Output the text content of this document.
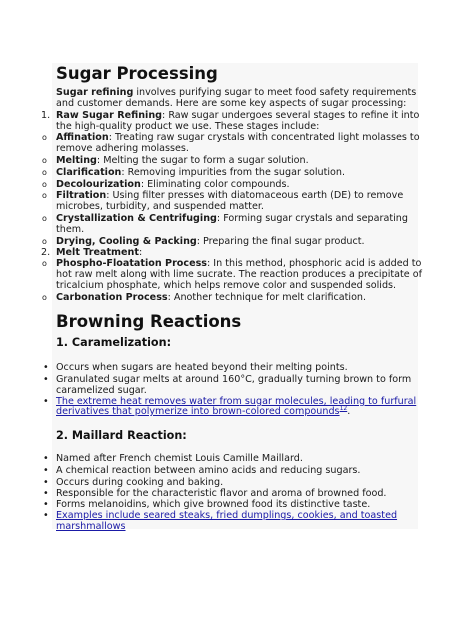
Sugar Processing
Sugar refining involves purifying sugar to meet food safety requirements
and customer demands. Here are some key aspects of sugar processing:
1. Raw Sugar Refining: Raw sugar undergoes several stages to refine it into
the high-quality product we use. These stages include:
o Affination: Treating raw sugar crystals with concentrated light molasses to
remove adhering molasses.
o Melting: Melting the sugar to form a sugar solution.
o Clarification: Removing impurities from the sugar solution.
o Decolourization: Eliminating color compounds.
o Filtration: Using filter presses with diatomaceous earth (DE) to remove
microbes, turbidity, and suspended matter.
o Crystallization & Centrifuging: Forming sugar crystals and separating
them.
o Drying, Cooling & Packing: Preparing the final sugar product.
2. Melt Treatment:
o Phospho-Floatation Process: In this method, phosphoric acid is added to
hot raw melt along with lime sucrate. The reaction produces a precipitate of
tricalcium phosphate, which helps remove color and suspended solids.
o Carbonation Process: Another technique for melt clarification.
Browning Reactions
1. Caramelization:
• Occurs when sugars are heated beyond their melting points.
• Granulated sugar melts at around 160°C, gradually turning brown to form
caramelized sugar.
• The extreme heat removes water from sugar molecules, leading to furfural
derivatives that polymerize into brown-colored compounds$^{12}$.
2. Maillard Reaction:
• Named after French chemist Louis Camille Maillard.
• A chemical reaction between amino acids and reducing sugars.
• Occurs during cooking and baking.
• Responsible for the characteristic flavor and aroma of browned food.
• Forms melanoidins, which give browned food its distinctive taste.
• Examples include seared steaks, fried dumplings, cookies, and toasted
marshmallows
